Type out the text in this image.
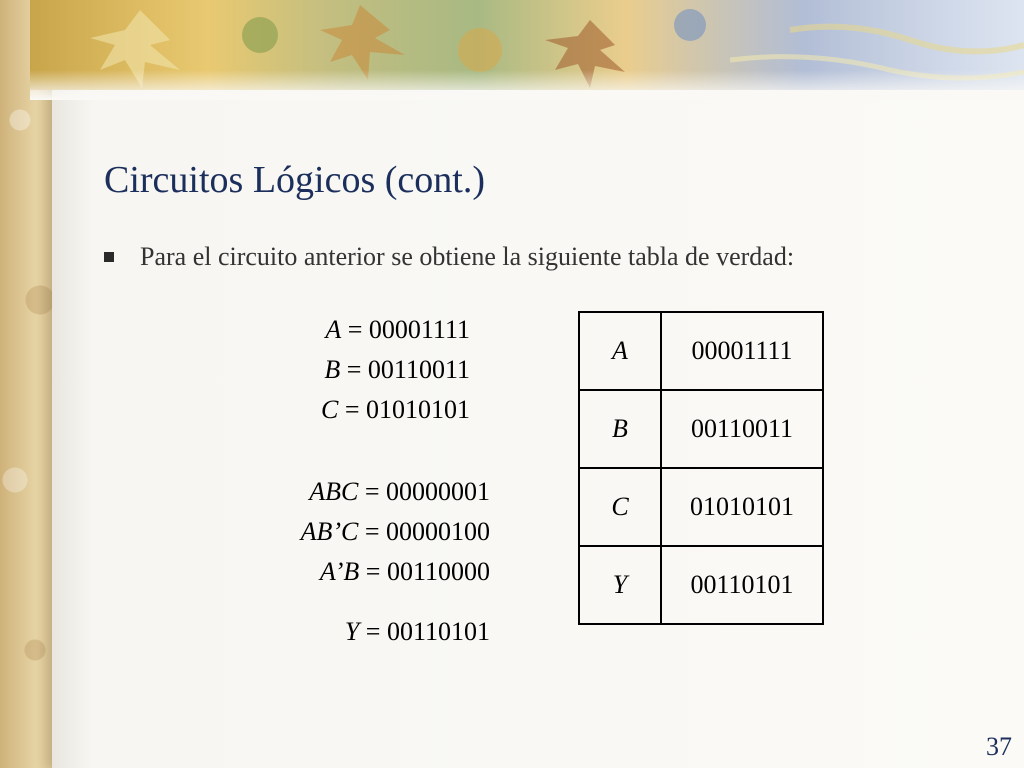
Circuitos Lógicos (cont.)
Para el circuito anterior se obtiene la siguiente tabla de verdad:
A = 00001111
B = 00110011
C = 01010101
ABC = 00000001
AB’C = 00000100
A’B = 00110000
Y = 00110101
A	00001111
B	00110011
C	01010101
Y	00110101
37
